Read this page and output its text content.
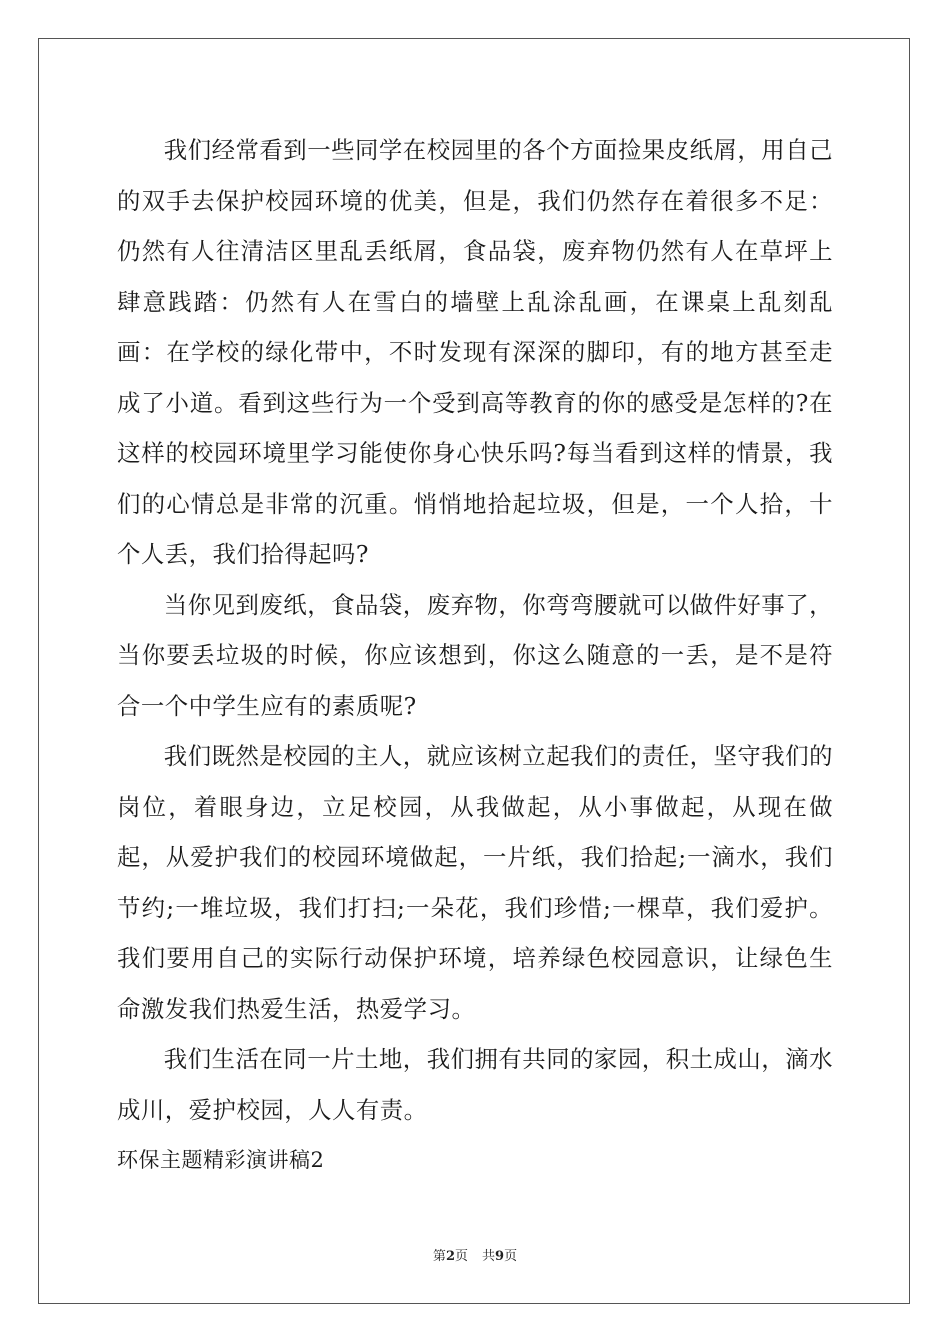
我们经常看到一些同学在校园里的各个方面捡果皮纸屑，用自己的双手去保护校园环境的优美，但是，我们仍然存在着很多不足：仍然有人往清洁区里乱丢纸屑，食品袋，废弃物仍然有人在草坪上肆意践踏：仍然有人在雪白的墙壁上乱涂乱画，在课桌上乱刻乱画：在学校的绿化带中，不时发现有深深的脚印，有的地方甚至走成了小道。看到这些行为一个受到高等教育的你的感受是怎样的?在这样的校园环境里学习能使你身心快乐吗?每当看到这样的情景，我们的心情总是非常的沉重。悄悄地拾起垃圾，但是，一个人拾，十个人丢，我们拾得起吗?

当你见到废纸，食品袋，废弃物，你弯弯腰就可以做件好事了，当你要丢垃圾的时候，你应该想到，你这么随意的一丢，是不是符合一个中学生应有的素质呢?

我们既然是校园的主人，就应该树立起我们的责任，坚守我们的岗位，着眼身边，立足校园，从我做起，从小事做起，从现在做起，从爱护我们的校园环境做起，一片纸，我们拾起;一滴水，我们节约;一堆垃圾，我们打扫;一朵花，我们珍惜;一棵草，我们爱护。我们要用自己的实际行动保护环境，培养绿色校园意识，让绿色生命激发我们热爱生活，热爱学习。

我们生活在同一片土地，我们拥有共同的家园，积土成山，滴水成川，爱护校园，人人有责。

环保主题精彩演讲稿2

第2页 共9页
